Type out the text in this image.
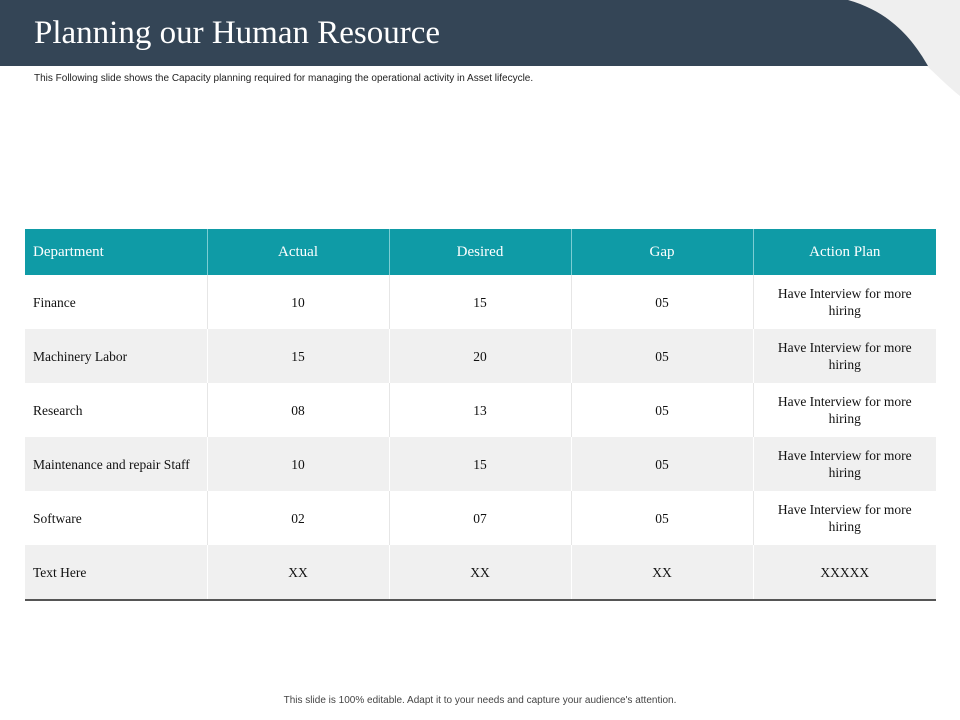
Planning our Human Resource

This Following slide shows the Capacity planning required for managing the operational activity in Asset lifecycle.

Department	Actual	Desired	Gap	Action Plan
Finance	10	15	05	Have Interview for more hiring
Machinery Labor	15	20	05	Have Interview for more hiring
Research	08	13	05	Have Interview for more hiring
Maintenance and repair Staff	10	15	05	Have Interview for more hiring
Software	02	07	05	Have Interview for more hiring
Text Here	XX	XX	XX	XXXXX

This slide is 100% editable. Adapt it to your needs and capture your audience's attention.
